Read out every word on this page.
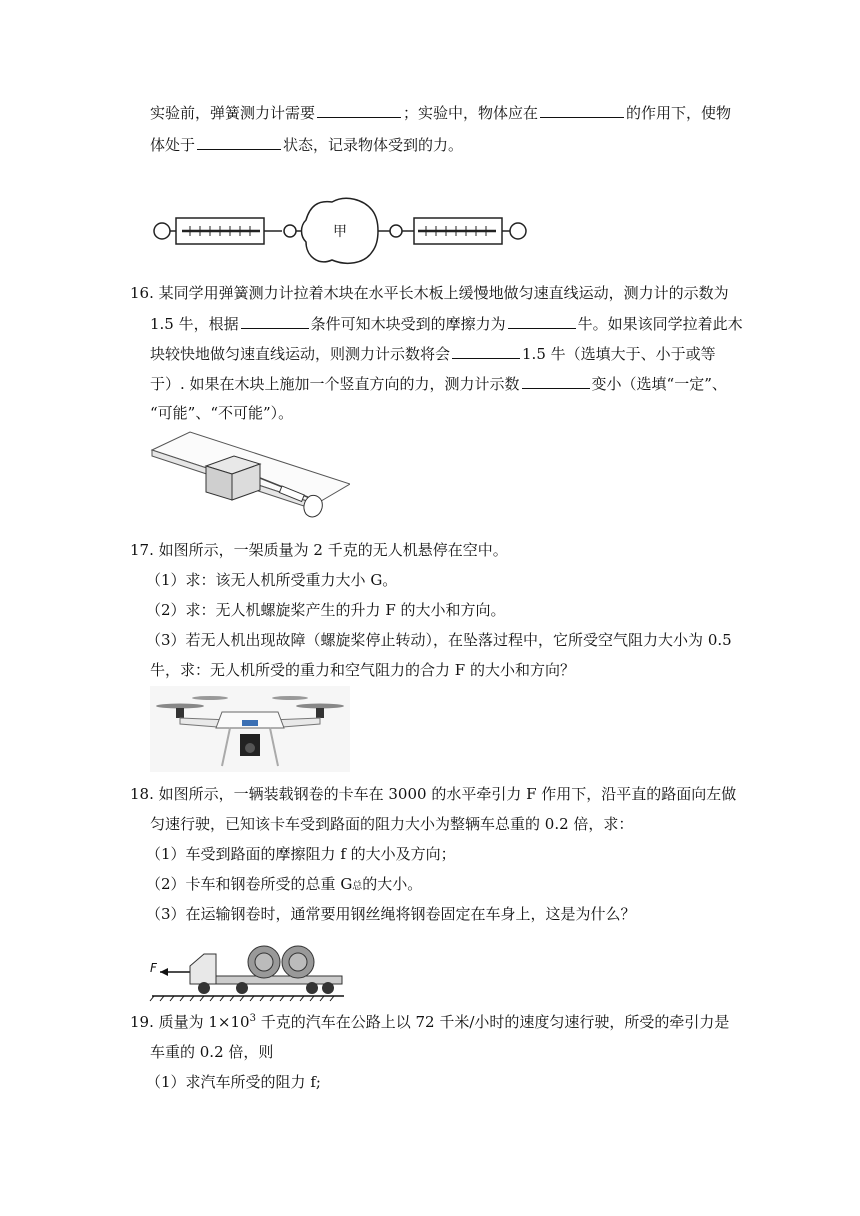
实验前，弹簧测力计需要	；实验中，物体应在	的作用下，使物
体处于	状态，记录物体受到的力。
甲
16. 某同学用弹簧测力计拉着木块在水平长木板上缓慢地做匀速直线运动，测力计的示数为
1.5 牛，根据	条件可知木块受到的摩擦力为	牛。如果该同学拉着此木
块较快地做匀速直线运动，则测力计示数将会	1.5 牛（选填大于、小于或等
于）. 如果在木块上施加一个竖直方向的力，测力计示数	变小（选填“一定”、
“可能”、“不可能”）。
17. 如图所示，一架质量为 2 千克的无人机悬停在空中。
（1）求：该无人机所受重力大小 G。
（2）求：无人机螺旋桨产生的升力 F 的大小和方向。
（3）若无人机出现故障（螺旋桨停止转动），在坠落过程中，它所受空气阻力大小为 0.5
牛，求：无人机所受的重力和空气阻力的合力 F 的大小和方向？
18. 如图所示，一辆装载钢卷的卡车在 3000 的水平牵引力 F 作用下，沿平直的路面向左做
匀速行驶，已知该卡车受到路面的阻力大小为整辆车总重的 0.2 倍，求：
（1）车受到路面的摩擦阻力 f 的大小及方向；
（2）卡车和钢卷所受的总重 G总的大小。
（3）在运输钢卷时，通常要用钢丝绳将钢卷固定在车身上，这是为什么？
F
19. 质量为 $1\times 10^3$ 千克的汽车在公路上以 72 千米/小时的速度匀速行驶，所受的牵引力是
车重的 0.2 倍，则
（1）求汽车所受的阻力 f;
